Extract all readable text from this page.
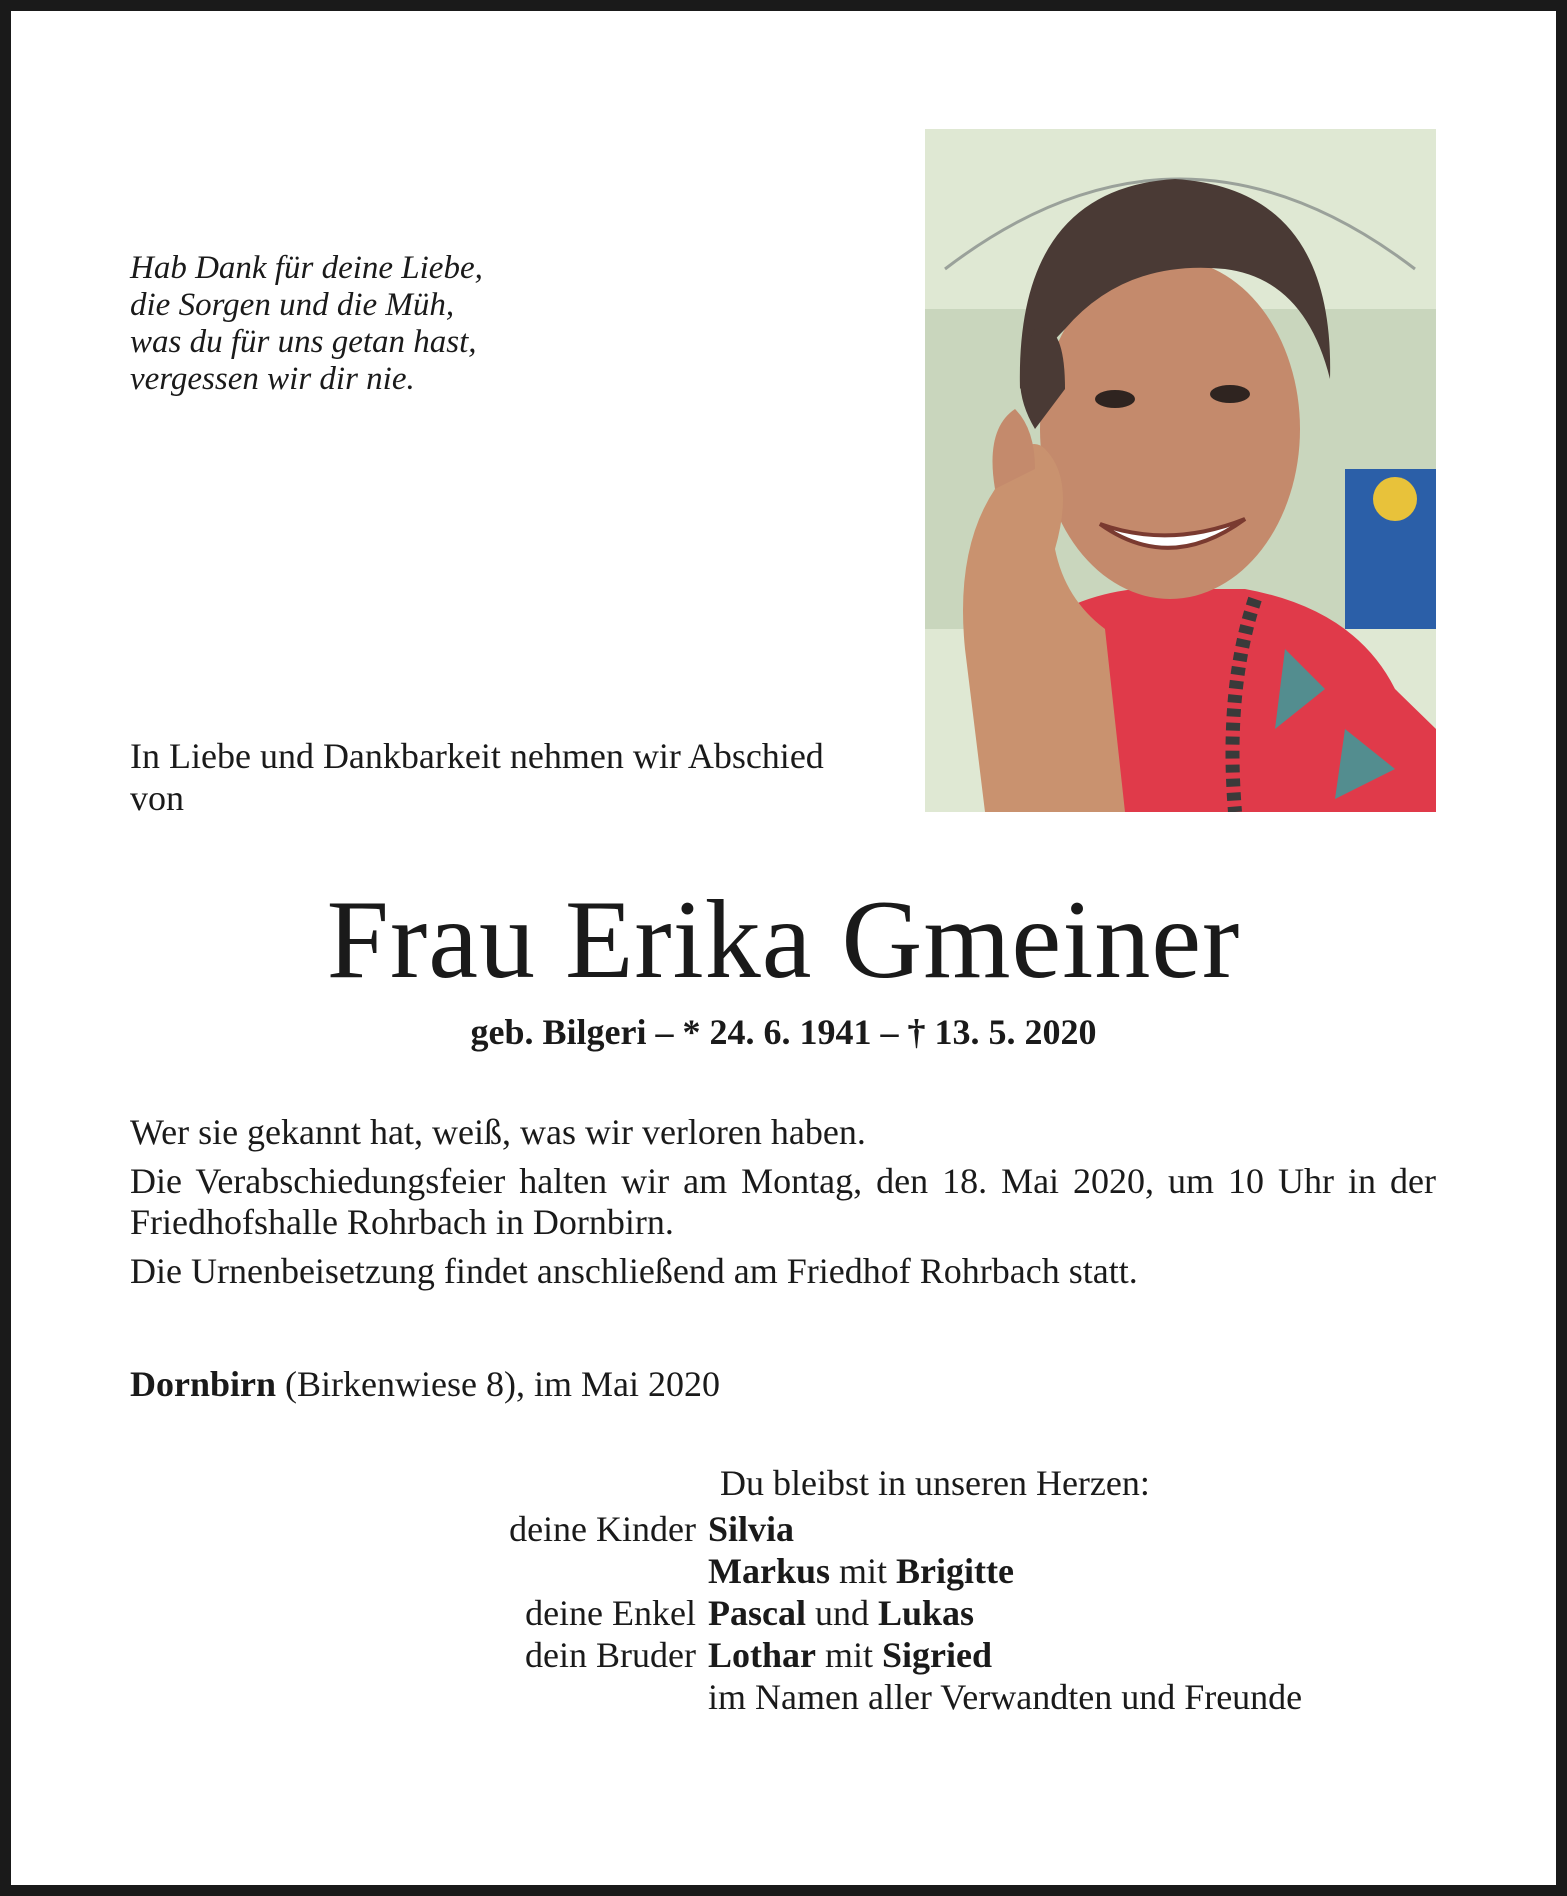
Hab Dank für deine Liebe,
die Sorgen und die Müh,
was du für uns getan hast,
vergessen wir dir nie.
In Liebe und Dankbarkeit nehmen wir Abschied von
Frau Erika Gmeiner
geb. Bilgeri – * 24. 6. 1941 – † 13. 5. 2020

Wer sie gekannt hat, weiß, was wir verloren haben.

Die Verabschiedungsfeier halten wir am Montag, den 18. Mai 2020, um 10 Uhr in der Friedhofshalle Rohrbach in Dornbirn.

Die Urnenbeisetzung findet anschließend am Friedhof Rohrbach statt.

Dornbirn (Birkenwiese 8), im Mai 2020
Du bleibst in unseren Herzen:
deine Kinder Silvia
Markus mit Brigitte
deine Enkel Pascal und Lukas
dein Bruder Lothar mit Sigried
im Namen aller Verwandten und Freunde
